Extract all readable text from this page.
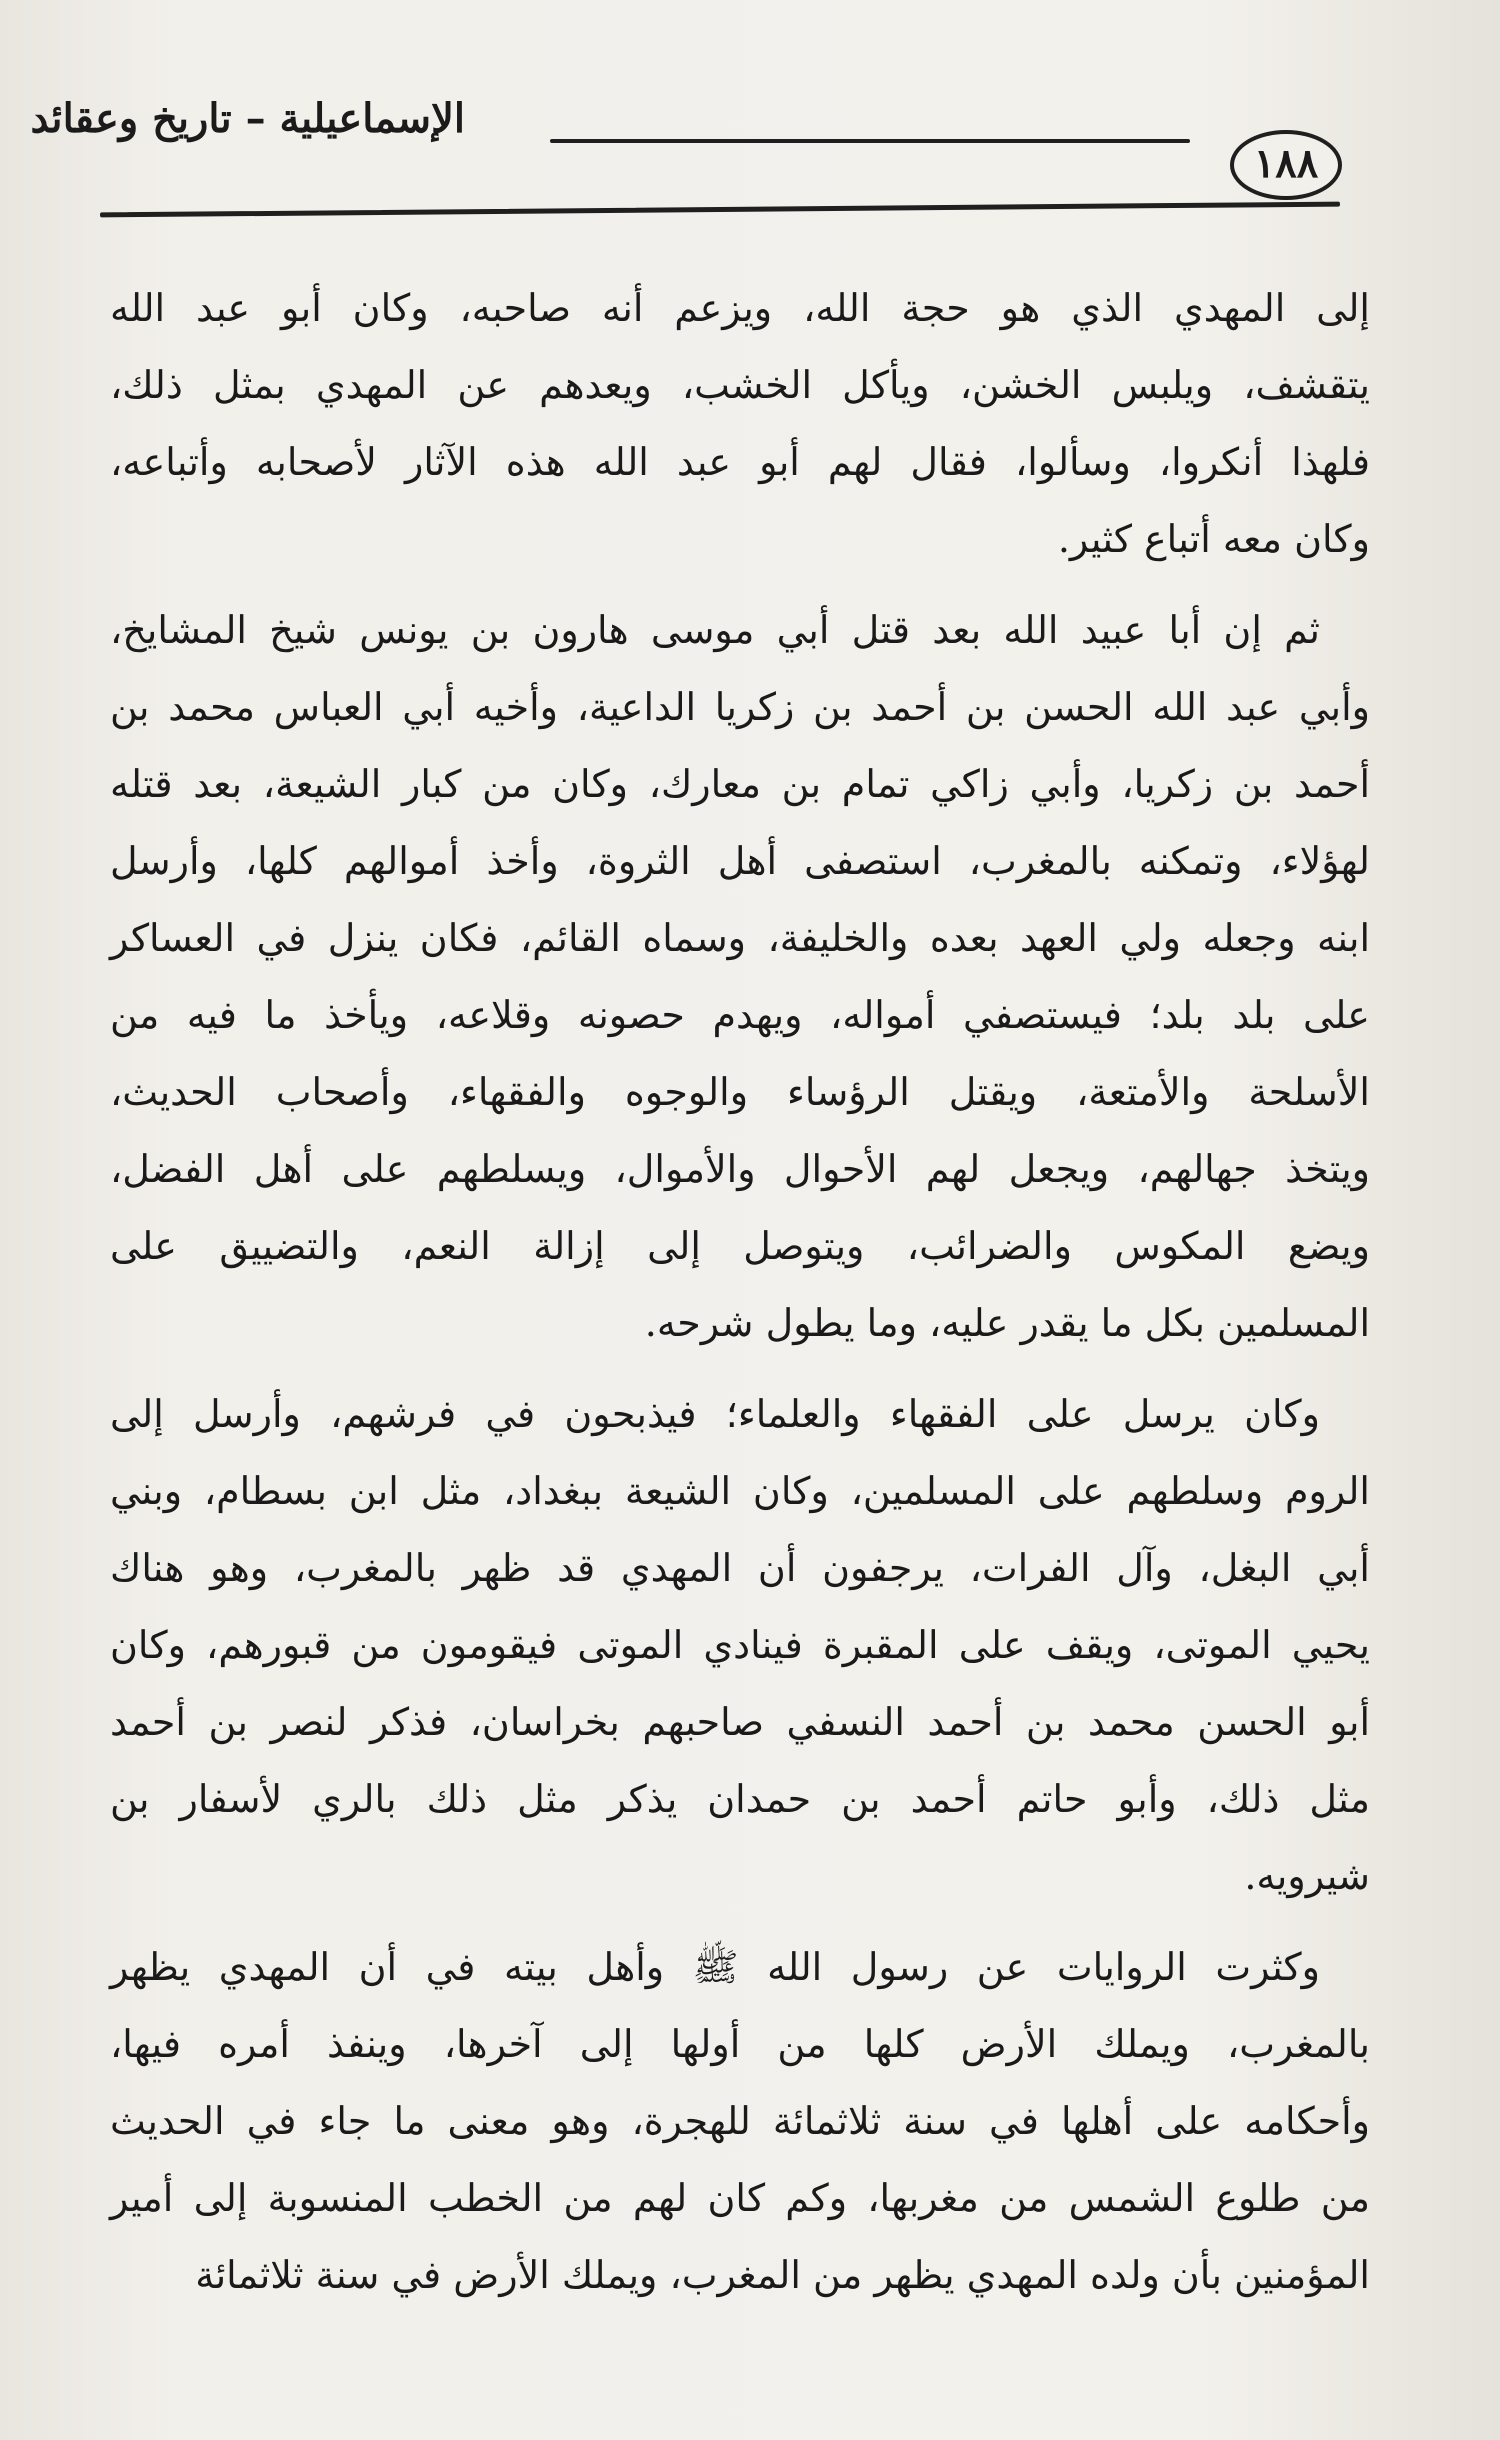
الإسماعيلية – تاريخ وعقائد
١٨٨
إلى المهدي الذي هو حجة الله، ويزعم أنه صاحبه، وكان أبو عبد الله
يتقشف، ويلبس الخشن، ويأكل الخشب، ويعدهم عن المهدي بمثل ذلك،
فلهذا أنكروا، وسألوا، فقال لهم أبو عبد الله هذه الآثار لأصحابه وأتباعه،
وكان معه أتباع كثير.
ثم إن أبا عبيد الله بعد قتل أبي موسى هارون بن يونس شيخ المشايخ،
وأبي عبد الله الحسن بن أحمد بن زكريا الداعية، وأخيه أبي العباس محمد بن
أحمد بن زكريا، وأبي زاكي تمام بن معارك، وكان من كبار الشيعة، بعد قتله
لهؤلاء، وتمكنه بالمغرب، استصفى أهل الثروة، وأخذ أموالهم كلها، وأرسل
ابنه وجعله ولي العهد بعده والخليفة، وسماه القائم، فكان ينزل في العساكر
على بلد بلد؛ فيستصفي أمواله، ويهدم حصونه وقلاعه، ويأخذ ما فيه من
الأسلحة والأمتعة، ويقتل الرؤساء والوجوه والفقهاء، وأصحاب الحديث،
ويتخذ جهالهم، ويجعل لهم الأحوال والأموال، ويسلطهم على أهل الفضل،
ويضع المكوس والضرائب، ويتوصل إلى إزالة النعم، والتضييق على
المسلمين بكل ما يقدر عليه، وما يطول شرحه.
وكان يرسل على الفقهاء والعلماء؛ فيذبحون في فرشهم، وأرسل إلى
الروم وسلطهم على المسلمين، وكان الشيعة ببغداد، مثل ابن بسطام، وبني
أبي البغل، وآل الفرات، يرجفون أن المهدي قد ظهر بالمغرب، وهو هناك
يحيي الموتى، ويقف على المقبرة فينادي الموتى فيقومون من قبورهم، وكان
أبو الحسن محمد بن أحمد النسفي صاحبهم بخراسان، فذكر لنصر بن أحمد
مثل ذلك، وأبو حاتم أحمد بن حمدان يذكر مثل ذلك بالري لأسفار بن
شيرويه.
وكثرت الروايات عن رسول الله ﷺ وأهل بيته في أن المهدي يظهر
بالمغرب، ويملك الأرض كلها من أولها إلى آخرها، وينفذ أمره فيها،
وأحكامه على أهلها في سنة ثلاثمائة للهجرة، وهو معنى ما جاء في الحديث
من طلوع الشمس من مغربها، وكم كان لهم من الخطب المنسوبة إلى أمير
المؤمنين بأن ولده المهدي يظهر من المغرب، ويملك الأرض في سنة ثلاثمائة
